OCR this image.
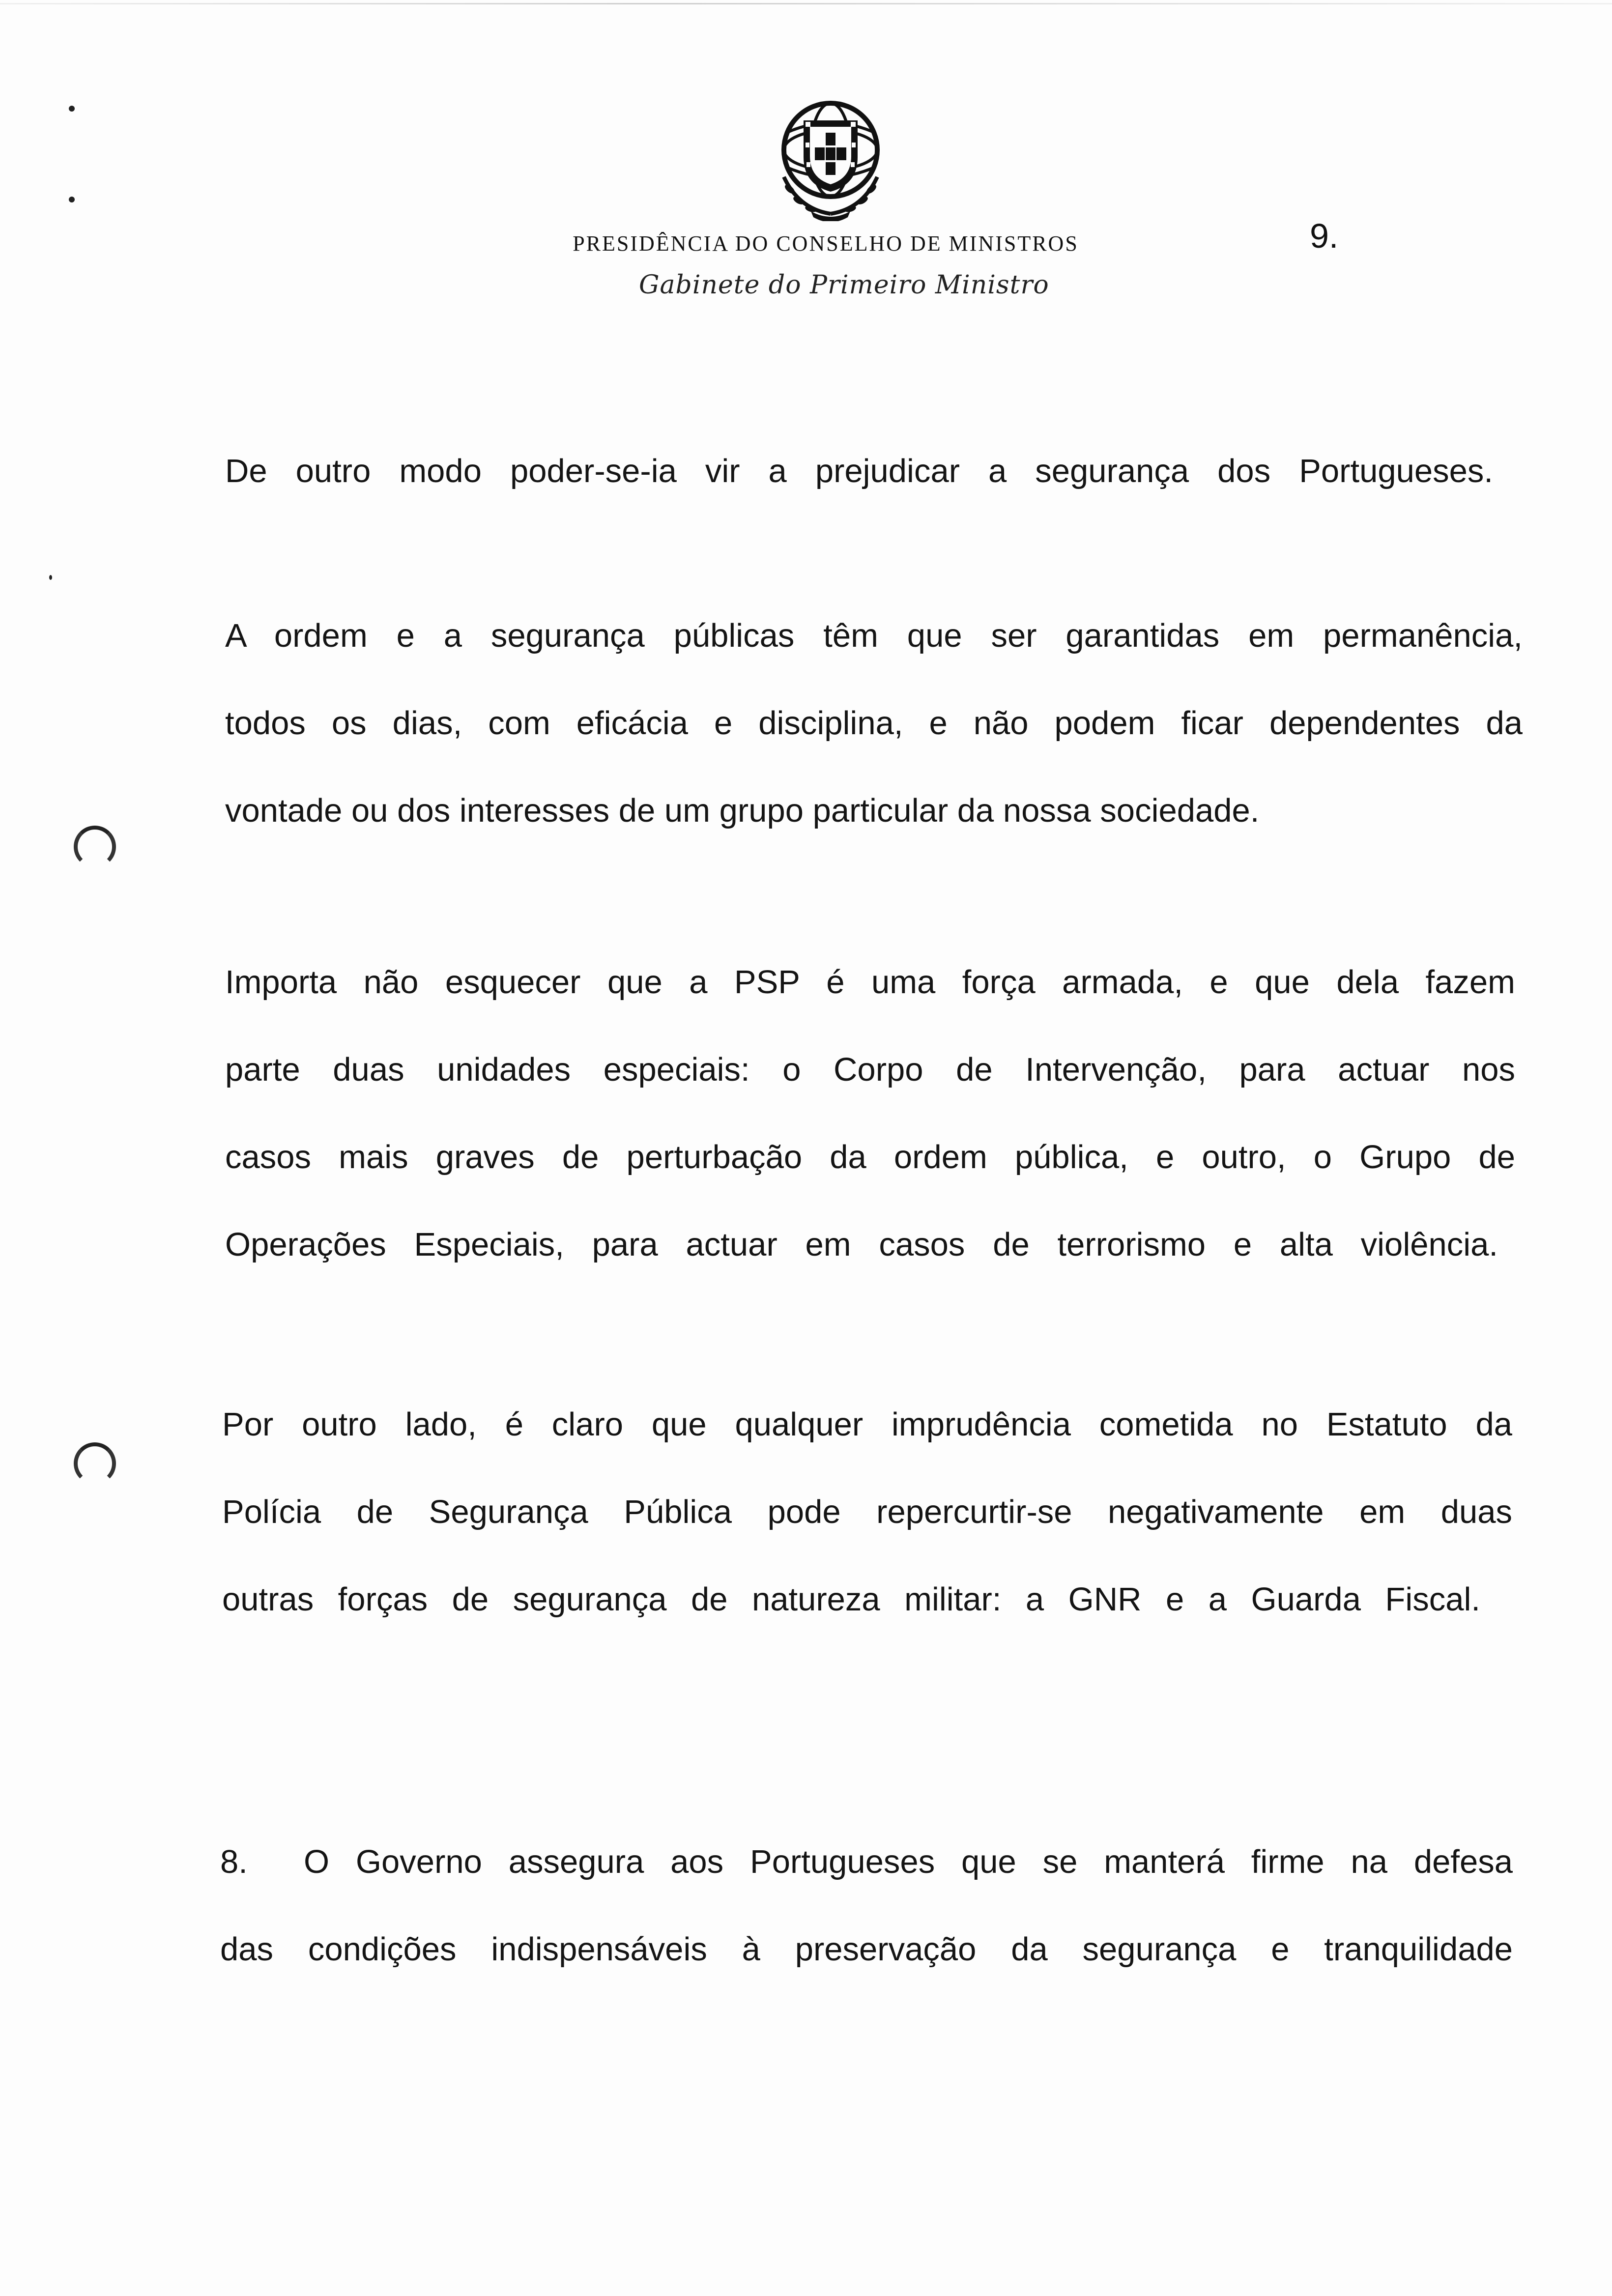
PRESIDÊNCIA DO CONSELHO DE MINISTROS	9.
Gabinete do Primeiro Ministro
De outro modo poder-se-ia vir a prejudicar a segurança dos Portugueses.
A ordem e a segurança públicas têm que ser garantidas em permanência,
todos os dias, com eficácia e disciplina, e não podem ficar dependentes da
vontade ou dos interesses de um grupo particular da nossa sociedade.
Importa não esquecer que a PSP é uma força armada, e que dela fazem
parte duas unidades especiais: o Corpo de Intervenção, para actuar nos
casos mais graves de perturbação da ordem pública, e outro, o Grupo de
Operações Especiais, para actuar em casos de terrorismo e alta violência.
Por outro lado, é claro que qualquer imprudência cometida no Estatuto da
Polícia de Segurança Pública pode repercurtir-se negativamente em duas
outras forças de segurança de natureza militar: a GNR e a Guarda Fiscal.
8.	O Governo assegura aos Portugueses que se manterá firme na defesa
das condições indispensáveis à preservação da segurança e tranquilidade
